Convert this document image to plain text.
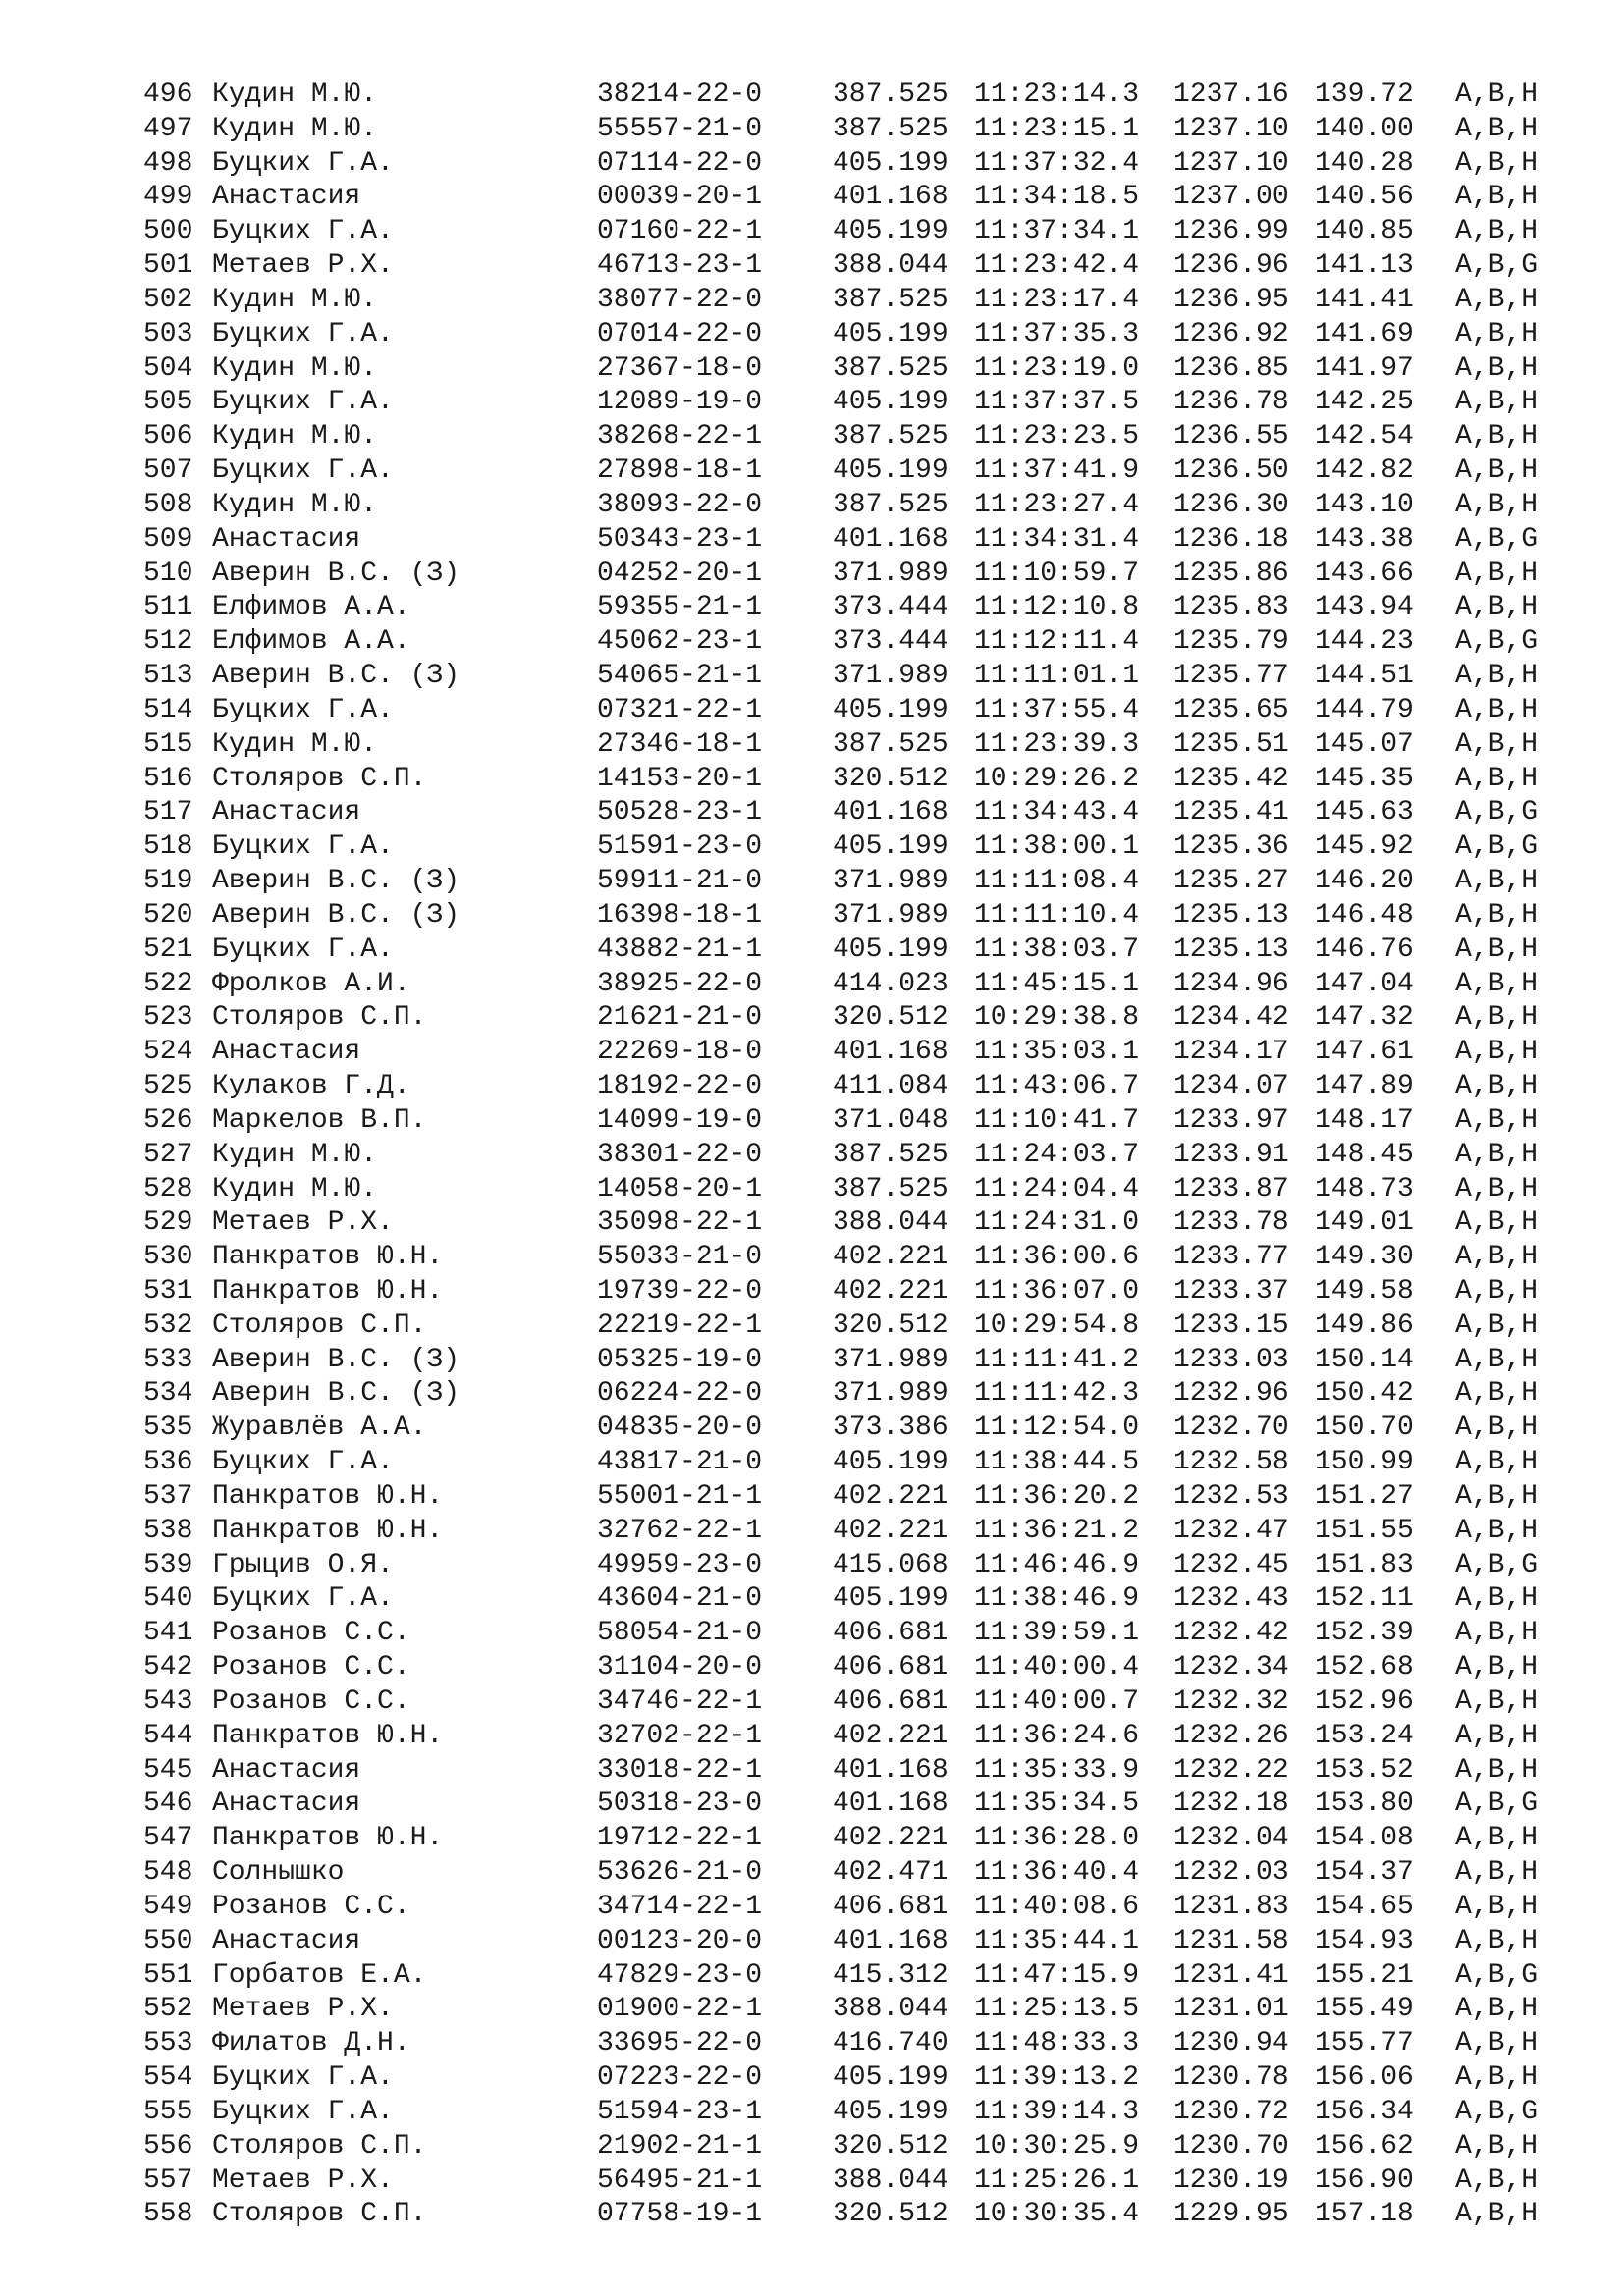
496 Кудин М.Ю.	38214-22-0	387.525 11:23:14.3 1237.16 139.72 A,B,H
497 Кудин М.Ю.	55557-21-0	387.525 11:23:15.1 1237.10 140.00 A,B,H
498 Буцких Г.А.	07114-22-0	405.199 11:37:32.4 1237.10 140.28 A,B,H
499 Анастасия	00039-20-1	401.168 11:34:18.5 1237.00 140.56 A,B,H
500 Буцких Г.А.	07160-22-1	405.199 11:37:34.1 1236.99 140.85 A,B,H
501 Метаев Р.Х.	46713-23-1	388.044 11:23:42.4 1236.96 141.13 A,B,G
502 Кудин М.Ю.	38077-22-0	387.525 11:23:17.4 1236.95 141.41 A,B,H
503 Буцких Г.А.	07014-22-0	405.199 11:37:35.3 1236.92 141.69 A,B,H
504 Кудин М.Ю.	27367-18-0	387.525 11:23:19.0 1236.85 141.97 A,B,H
505 Буцких Г.А.	12089-19-0	405.199 11:37:37.5 1236.78 142.25 A,B,H
506 Кудин М.Ю.	38268-22-1	387.525 11:23:23.5 1236.55 142.54 A,B,H
507 Буцких Г.А.	27898-18-1	405.199 11:37:41.9 1236.50 142.82 A,B,H
508 Кудин М.Ю.	38093-22-0	387.525 11:23:27.4 1236.30 143.10 A,B,H
509 Анастасия	50343-23-1	401.168 11:34:31.4 1236.18 143.38 A,B,G
510 Аверин В.С. (З)	04252-20-1	371.989 11:10:59.7 1235.86 143.66 A,B,H
511 Елфимов А.А.	59355-21-1	373.444 11:12:10.8 1235.83 143.94 A,B,H
512 Елфимов А.А.	45062-23-1	373.444 11:12:11.4 1235.79 144.23 A,B,G
513 Аверин В.С. (З)	54065-21-1	371.989 11:11:01.1 1235.77 144.51 A,B,H
514 Буцких Г.А.	07321-22-1	405.199 11:37:55.4 1235.65 144.79 A,B,H
515 Кудин М.Ю.	27346-18-1	387.525 11:23:39.3 1235.51 145.07 A,B,H
516 Столяров С.П.	14153-20-1	320.512 10:29:26.2 1235.42 145.35 A,B,H
517 Анастасия	50528-23-1	401.168 11:34:43.4 1235.41 145.63 A,B,G
518 Буцких Г.А.	51591-23-0	405.199 11:38:00.1 1235.36 145.92 A,B,G
519 Аверин В.С. (З)	59911-21-0	371.989 11:11:08.4 1235.27 146.20 A,B,H
520 Аверин В.С. (З)	16398-18-1	371.989 11:11:10.4 1235.13 146.48 A,B,H
521 Буцких Г.А.	43882-21-1	405.199 11:38:03.7 1235.13 146.76 A,B,H
522 Фролков А.И.	38925-22-0	414.023 11:45:15.1 1234.96 147.04 A,B,H
523 Столяров С.П.	21621-21-0	320.512 10:29:38.8 1234.42 147.32 A,B,H
524 Анастасия	22269-18-0	401.168 11:35:03.1 1234.17 147.61 A,B,H
525 Кулаков Г.Д.	18192-22-0	411.084 11:43:06.7 1234.07 147.89 A,B,H
526 Маркелов В.П.	14099-19-0	371.048 11:10:41.7 1233.97 148.17 A,B,H
527 Кудин М.Ю.	38301-22-0	387.525 11:24:03.7 1233.91 148.45 A,B,H
528 Кудин М.Ю.	14058-20-1	387.525 11:24:04.4 1233.87 148.73 A,B,H
529 Метаев Р.Х.	35098-22-1	388.044 11:24:31.0 1233.78 149.01 A,B,H
530 Панкратов Ю.Н.	55033-21-0	402.221 11:36:00.6 1233.77 149.30 A,B,H
531 Панкратов Ю.Н.	19739-22-0	402.221 11:36:07.0 1233.37 149.58 A,B,H
532 Столяров С.П.	22219-22-1	320.512 10:29:54.8 1233.15 149.86 A,B,H
533 Аверин В.С. (З)	05325-19-0	371.989 11:11:41.2 1233.03 150.14 A,B,H
534 Аверин В.С. (З)	06224-22-0	371.989 11:11:42.3 1232.96 150.42 A,B,H
535 Журавлёв А.А.	04835-20-0	373.386 11:12:54.0 1232.70 150.70 A,B,H
536 Буцких Г.А.	43817-21-0	405.199 11:38:44.5 1232.58 150.99 A,B,H
537 Панкратов Ю.Н.	55001-21-1	402.221 11:36:20.2 1232.53 151.27 A,B,H
538 Панкратов Ю.Н.	32762-22-1	402.221 11:36:21.2 1232.47 151.55 A,B,H
539 Грыцив О.Я.	49959-23-0	415.068 11:46:46.9 1232.45 151.83 A,B,G
540 Буцких Г.А.	43604-21-0	405.199 11:38:46.9 1232.43 152.11 A,B,H
541 Розанов С.С.	58054-21-0	406.681 11:39:59.1 1232.42 152.39 A,B,H
542 Розанов С.С.	31104-20-0	406.681 11:40:00.4 1232.34 152.68 A,B,H
543 Розанов С.С.	34746-22-1	406.681 11:40:00.7 1232.32 152.96 A,B,H
544 Панкратов Ю.Н.	32702-22-1	402.221 11:36:24.6 1232.26 153.24 A,B,H
545 Анастасия	33018-22-1	401.168 11:35:33.9 1232.22 153.52 A,B,H
546 Анастасия	50318-23-0	401.168 11:35:34.5 1232.18 153.80 A,B,G
547 Панкратов Ю.Н.	19712-22-1	402.221 11:36:28.0 1232.04 154.08 A,B,H
548 Солнышко	53626-21-0	402.471 11:36:40.4 1232.03 154.37 A,B,H
549 Розанов С.С.	34714-22-1	406.681 11:40:08.6 1231.83 154.65 A,B,H
550 Анастасия	00123-20-0	401.168 11:35:44.1 1231.58 154.93 A,B,H
551 Горбатов Е.А.	47829-23-0	415.312 11:47:15.9 1231.41 155.21 A,B,G
552 Метаев Р.Х.	01900-22-1	388.044 11:25:13.5 1231.01 155.49 A,B,H
553 Филатов Д.Н.	33695-22-0	416.740 11:48:33.3 1230.94 155.77 A,B,H
554 Буцких Г.А.	07223-22-0	405.199 11:39:13.2 1230.78 156.06 A,B,H
555 Буцких Г.А.	51594-23-1	405.199 11:39:14.3 1230.72 156.34 A,B,G
556 Столяров С.П.	21902-21-1	320.512 10:30:25.9 1230.70 156.62 A,B,H
557 Метаев Р.Х.	56495-21-1	388.044 11:25:26.1 1230.19 156.90 A,B,H
558 Столяров С.П.	07758-19-1	320.512 10:30:35.4 1229.95 157.18 A,B,H
